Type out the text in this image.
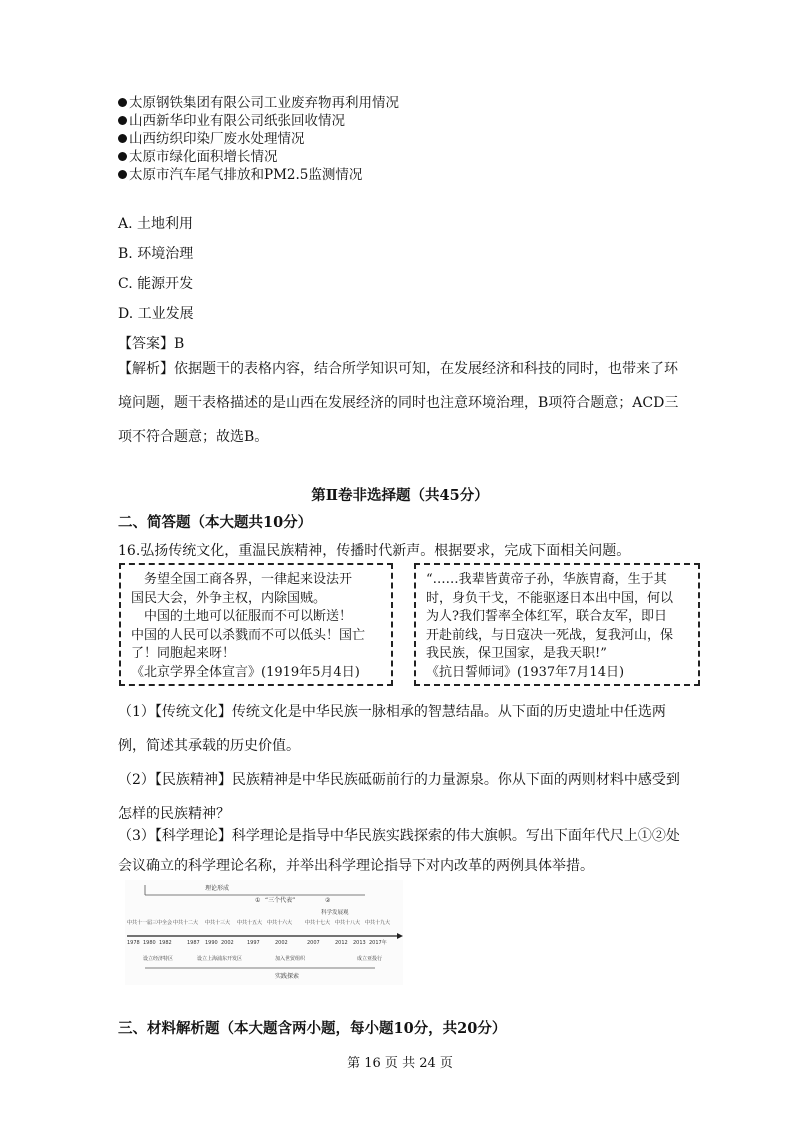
太原钢铁集团有限公司工业废弃物再利用情况
山西新华印业有限公司纸张回收情况
山西纺织印染厂废水处理情况
太原市绿化面积增长情况
太原市汽车尾气排放和PM2.5监测情况
A. 土地利用
B. 环境治理
C. 能源开发
D. 工业发展
【答案】B
【解析】依据题干的表格内容，结合所学知识可知，在发展经济和科技的同时，也带来了环境问题，题干表格描述的是山西在发展经济的同时也注意环境治理，B项符合题意；ACD三项不符合题意；故选B。
第Ⅱ卷非选择题（共45分）
二、简答题（本大题共10分）
16.弘扬传统文化，重温民族精神，传播时代新声。根据要求，完成下面相关问题。
　务望全国工商各界，一律起来设法开
国民大会，外争主权，内除国贼。
　中国的土地可以征服而不可以断送！
中国的人民可以杀戮而不可以低头！国亡
了！同胞起来呀！
《北京学界全体宣言》(1919年5月4日)
“……我辈皆黄帝子孙，华族胄裔，生于其
时，身负干戈，不能驱逐日本出中国，何以
为人?我们誓率全体红军，联合友军，即日
开赴前线，与日寇决一死战，复我河山，保
我民族，保卫国家，是我天职!”
《抗日誓师词》(1937年7月14日)
（1）【传统文化】传统文化是中华民族一脉相承的智慧结晶。从下面的历史遗址中任选两例，简述其承载的历史价值。
（2）【民族精神】民族精神是中华民族砥砺前行的力量源泉。你从下面的两则材料中感受到怎样的民族精神？
（3）【科学理论】科学理论是指导中华民族实践探索的伟大旗帜。写出下面年代尺上①②处会议确立的科学理论名称，并举出科学理论指导下对内改革的两例具体举措。
理论形成
① “三个代表”	②
科学发展观
中共十一届三中全会 中共十二大 中共十三大 中共十五大 中共十六大	中共十七大 中共十八大 中共十九大
1978 1980 1982	1987 1990 2002	1997	2002	2007	2012 2013 2017年
设立经济特区	设立上海浦东开发区	加入世贸组织	成立亚投行
实践探索
三、材料解析题（本大题含两小题，每小题10分，共20分）
第 16 页 共 24 页
